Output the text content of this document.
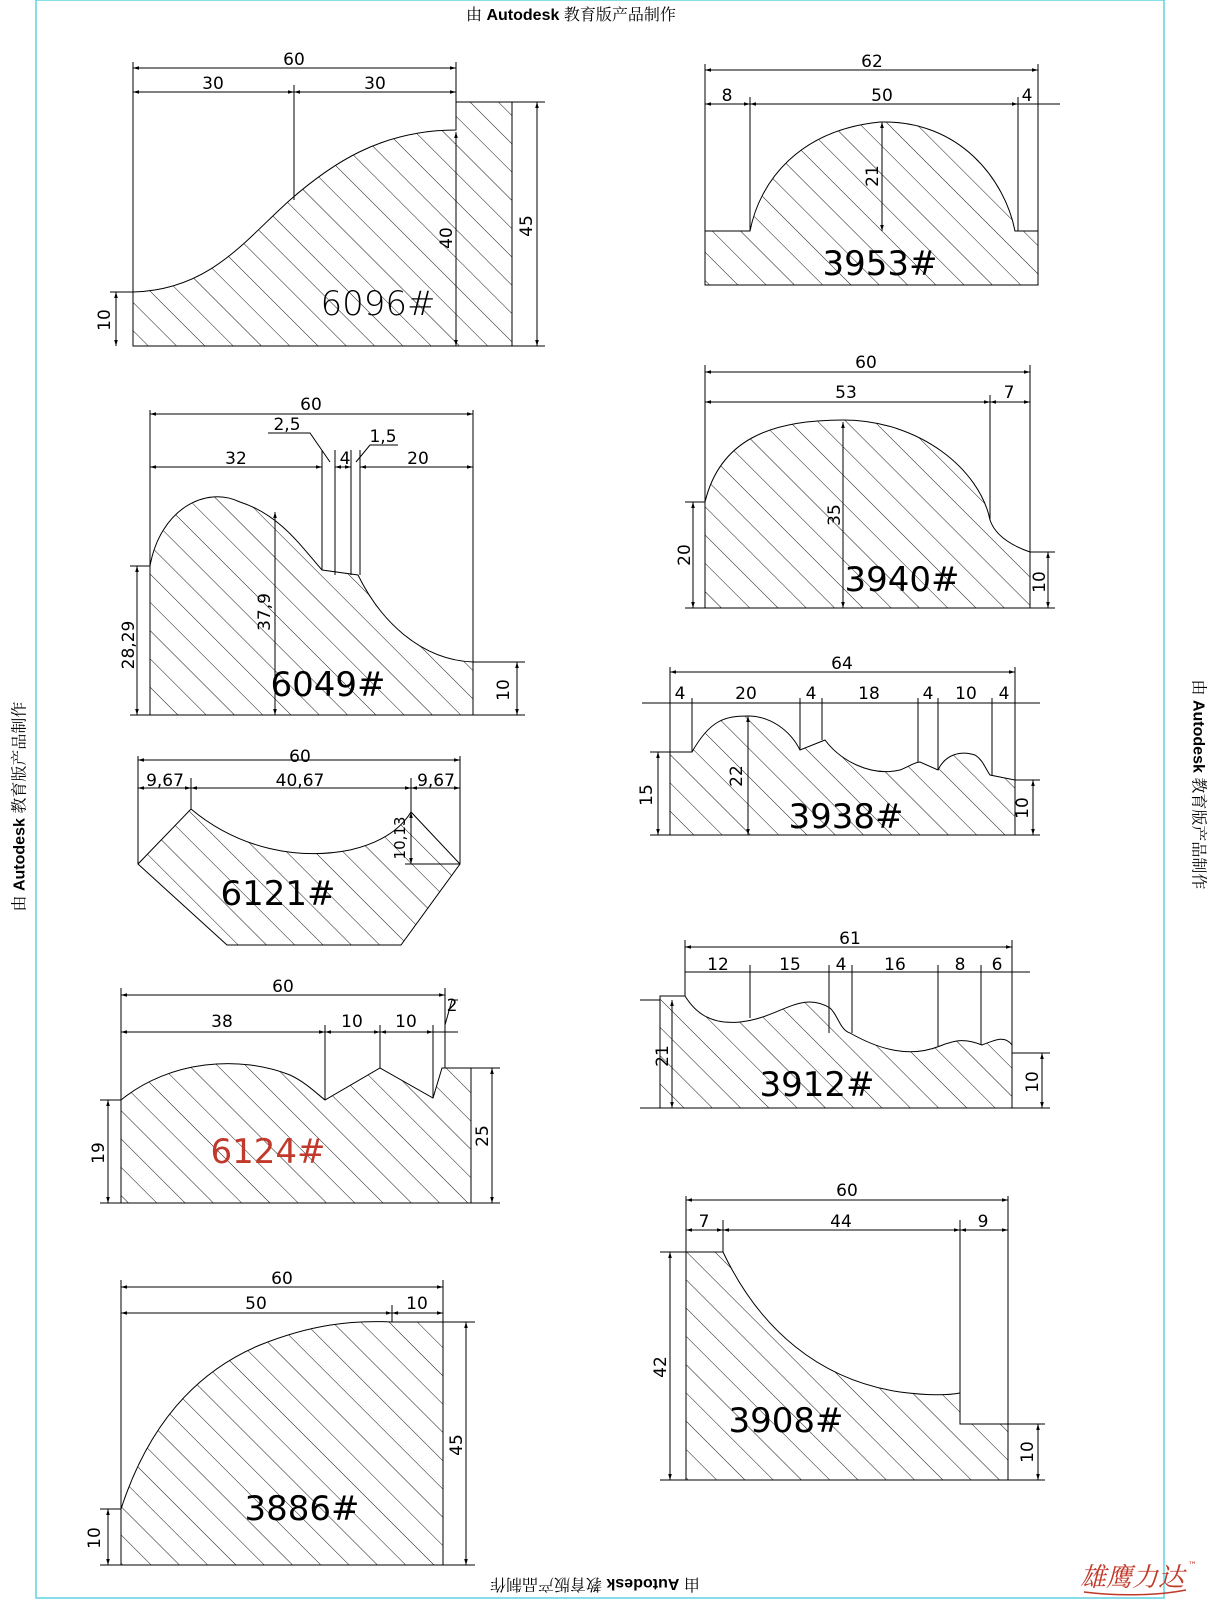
60
30	30
45
40
10	6096#
60
2,5
1,5
32	4	20
28,29
37,9
10
6049#
60
9,67	40,67	9,67
10,13
6121#
60
38	10 10
2
19
25
6124#
60
50	10
45
10
3886#
62
8	50	4
21
3953#
60
53	7
35
20
10
3940#
64
4	20	4 18	4 10 4
22
15
10
3938#
61
12	15 4 16	8 6
21
10
3912#
60
7	44	9
42
10
3908#
由 Autodesk 教育版产品制作
由 Autodesk 教育版产品制作
由 Autodesk 教育版产品制作
由 Autodesk 教育版产品制作
雄鹰力达 ™
